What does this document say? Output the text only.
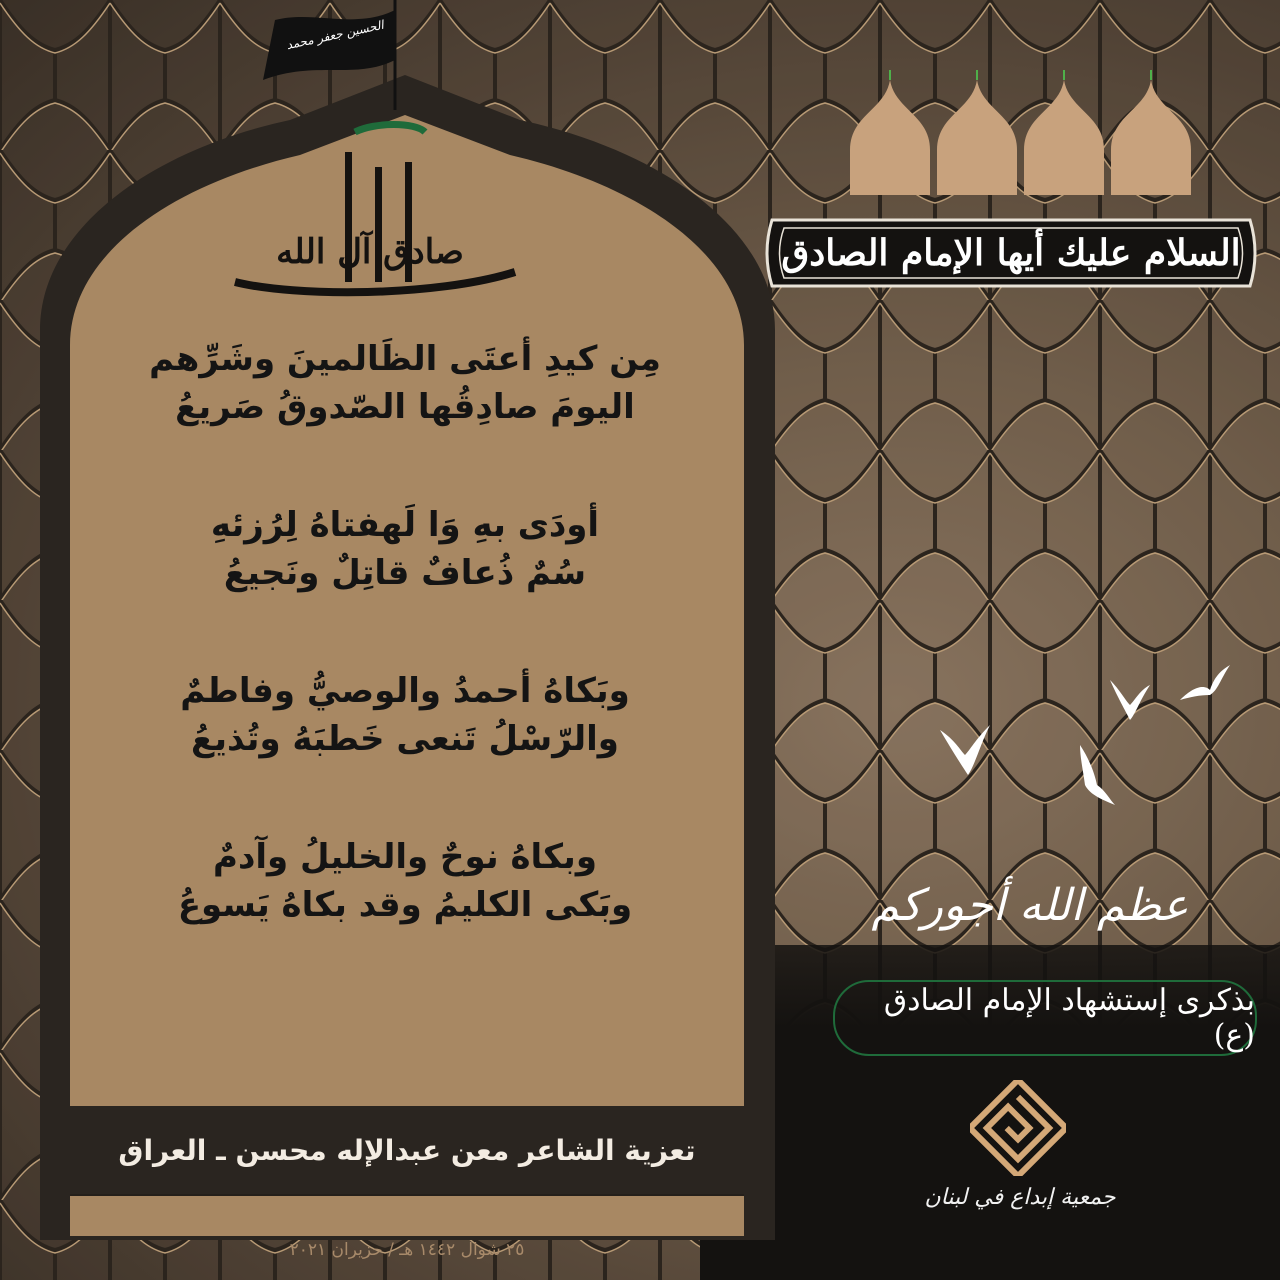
الحسين جعفر محمد
صادق آل الله	السلام عليك أيها الإمام الصادق
مِن كيدِ أعتَى الظَالمينَ وشَرِّهم
اليومَ صادِقُها الصّدوقُ صَريعُ
أودَى بهِ وَا لَهفتاهُ لِرُزئهِ
سُمٌ ذُعافٌ قاتِلٌ ونَجيعُ
وبَكاهُ أحمدُ والوصيُّ وفاطمٌ
والرّسْلُ تَنعى خَطبَهُ وتُذيعُ
وبكاهُ نوحٌ والخليلُ وآدمٌ
وبَكى الكليمُ وقد بكاهُ يَسوعُ
تعزية الشاعر معن عبدالإله محسن ـ العراق
٢٥ شوال ١٤٤٢ هـ / حزيران ٢٠٢١
عظم الله أجوركم
بذكرى إستشهاد الإمام الصادق (ع)
جمعية إبداع في لبنان
